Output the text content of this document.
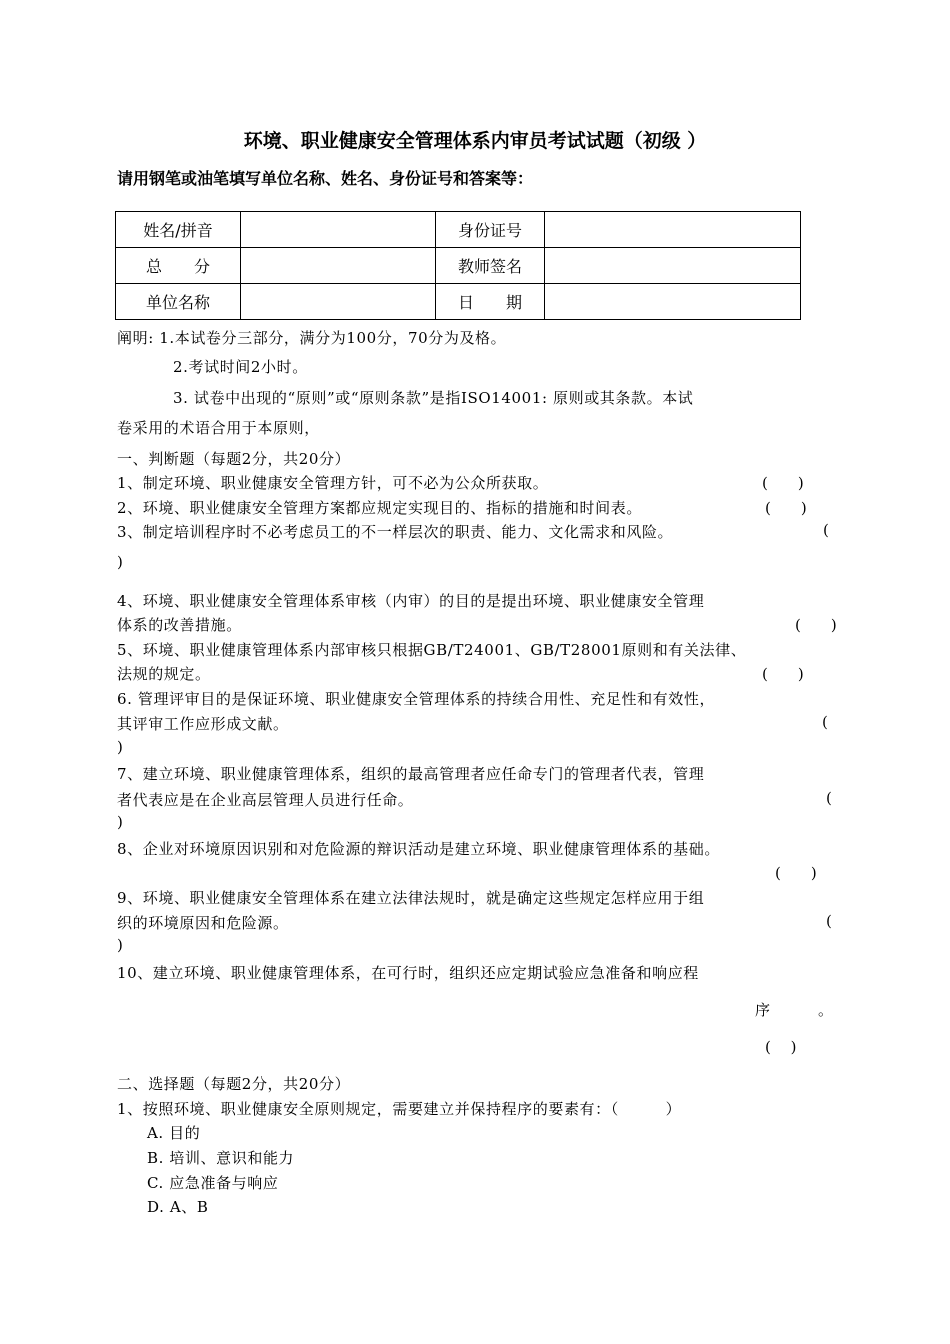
环境、职业健康安全管理体系内审员考试试题（初级 ）
请用钢笔或油笔填写单位名称、姓名、身份证号和答案等：
姓名/拼音		身份证号	
总　　分		教师签名	
单位名称		日　　期	
阐明: 1.本试卷分三部分，满分为100分，70分为及格。
2.考试时间2小时。
3. 试卷中出现的“原则”或“原则条款”是指ISO14001: 原则或其条款。本试
卷采用的术语合用于本原则，
一、判断题（每题2分，共20分）
1、制定环境、职业健康安全管理方针，可不必为公众所获取。	(　　)
2、环境、职业健康安全管理方案都应规定实现目的、指标的措施和时间表。	(　　)
3、制定培训程序时不必考虑员工的不一样层次的职责、能力、文化需求和风险。	(
)
4、环境、职业健康安全管理体系审核（内审）的目的是提出环境、职业健康安全管理
体系的改善措施。	(　　)
5、环境、职业健康管理体系内部审核只根据GB/T24001、GB/T28001原则和有关法律、
法规的规定。	(　　)
6. 管理评审目的是保证环境、职业健康安全管理体系的持续合用性、充足性和有效性，
其评审工作应形成文献。	(
)
7、建立环境、职业健康管理体系，组织的最高管理者应任命专门的管理者代表，管理
者代表应是在企业高层管理人员进行任命。	(
)
8、企业对环境原因识别和对危险源的辩识活动是建立环境、职业健康管理体系的基础。
(　　)
9、环境、职业健康安全管理体系在建立法律法规时，就是确定这些规定怎样应用于组
织的环境原因和危险源。	(
)
10、建立环境、职业健康管理体系，在可行时，组织还应定期试验应急准备和响应程
序	。
(　 )
二、选择题（每题2分，共20分）
1、按照环境、职业健康安全原则规定，需要建立并保持程序的要素有：（　　　）
A. 目的
B. 培训、意识和能力
C. 应急准备与响应
D. A、B
